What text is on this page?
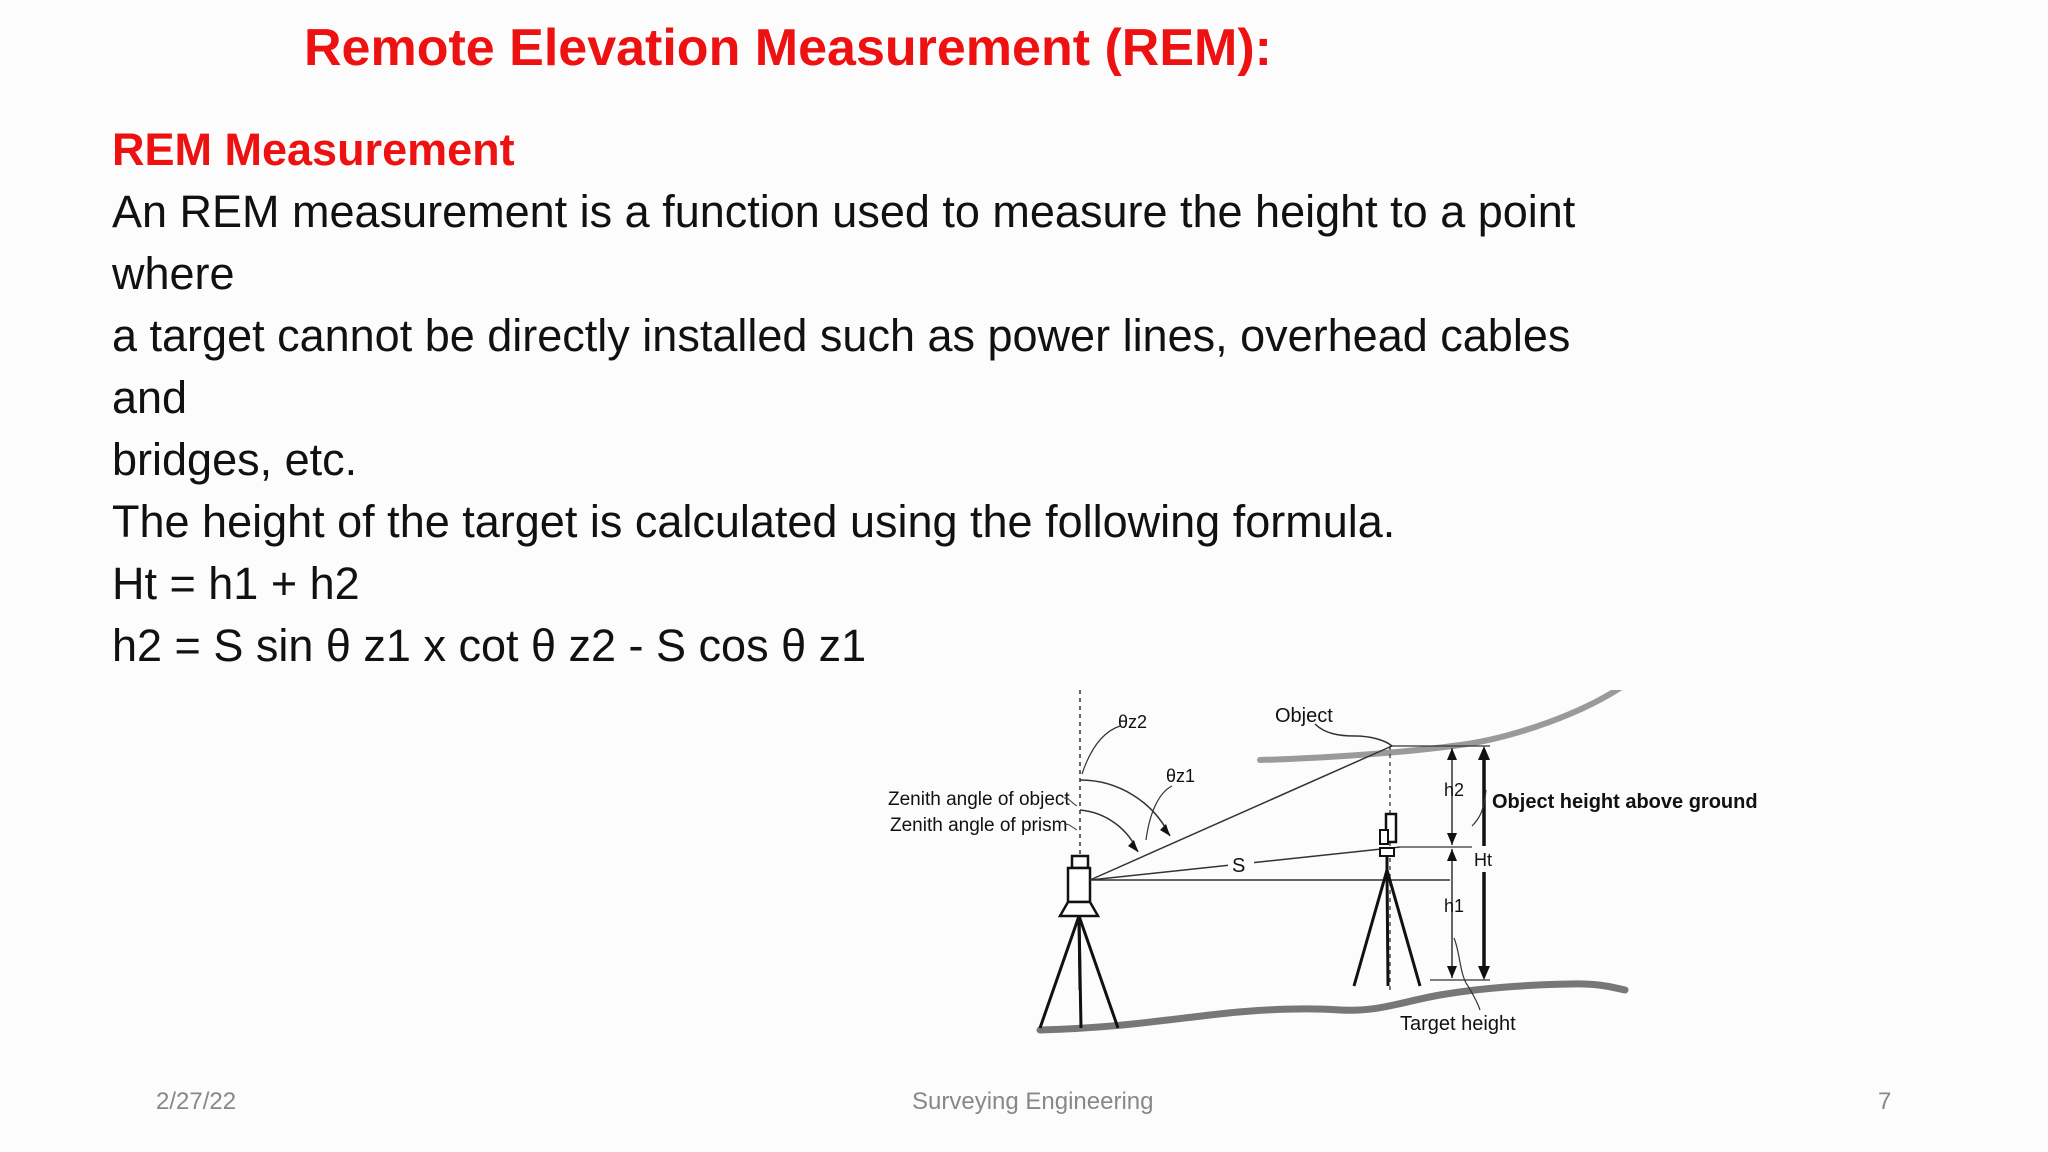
Remote Elevation Measurement (REM):
REM Measurement

An REM measurement is a function used to measure the height to a point

where

a target cannot be directly installed such as power lines, overhead cables

and

bridges, etc.

The height of the target is calculated using the following formula.

Ht = h1 + h2

h2 = S sin θ z1 x cot θ z2 - S cos θ z1

Object
S
θz2
θz1
Zenith angle of object
Zenith angle of prism
h2
h1
Ht
Object height above ground
Target height
2/27/22	Surveying Engineering	7
